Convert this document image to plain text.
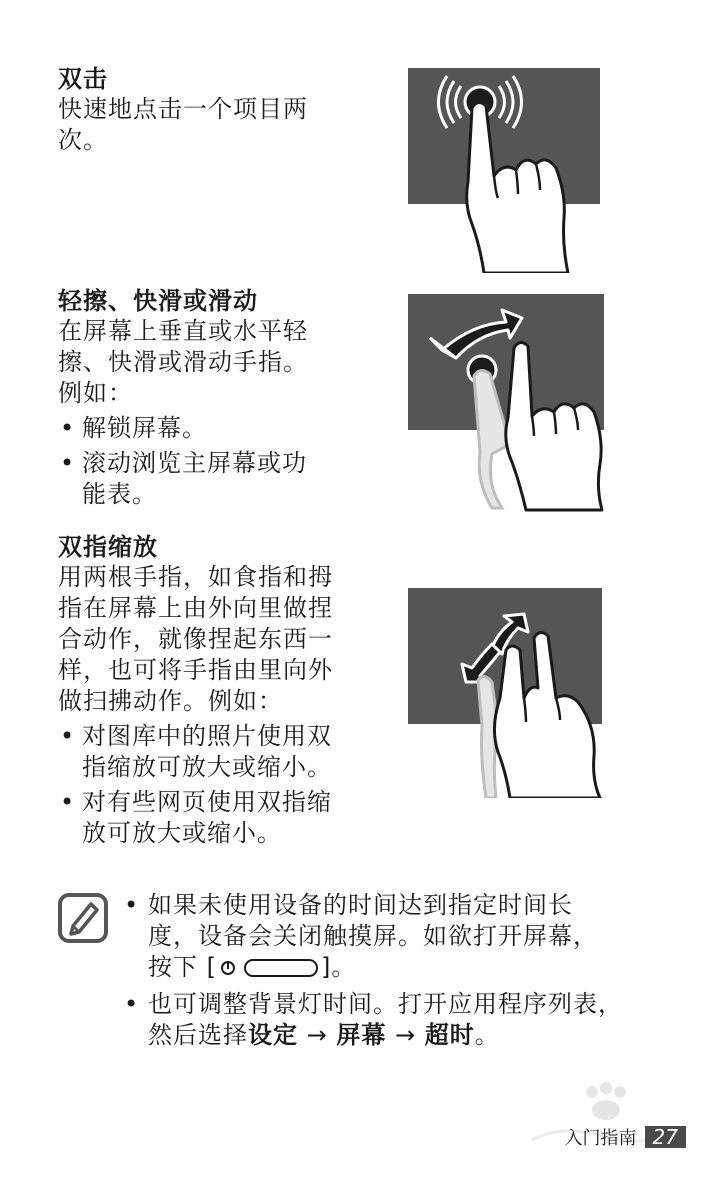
双击
快速地点击一个项目两
次。
轻擦、快滑或滑动
在屏幕上垂直或水平轻
擦、快滑或滑动手指。
例如：
• 解锁屏幕。
• 滚动浏览主屏幕或功
能表。
双指缩放
用两根手指，如食指和拇
指在屏幕上由外向里做捏
合动作，就像捏起东西一
样，也可将手指由里向外
做扫拂动作。例如：
• 对图库中的照片使用双
指缩放可放大或缩小。
• 对有些网页使用双指缩
放可放大或缩小。
• 如果未使用设备的时间达到指定时间长
度，设备会关闭触摸屏。如欲打开屏幕，
按下 [	]。
• 也可调整背景灯时间。打开应用程序列表，
然后选择设定 → 屏幕 → 超时。
入门指南 27
